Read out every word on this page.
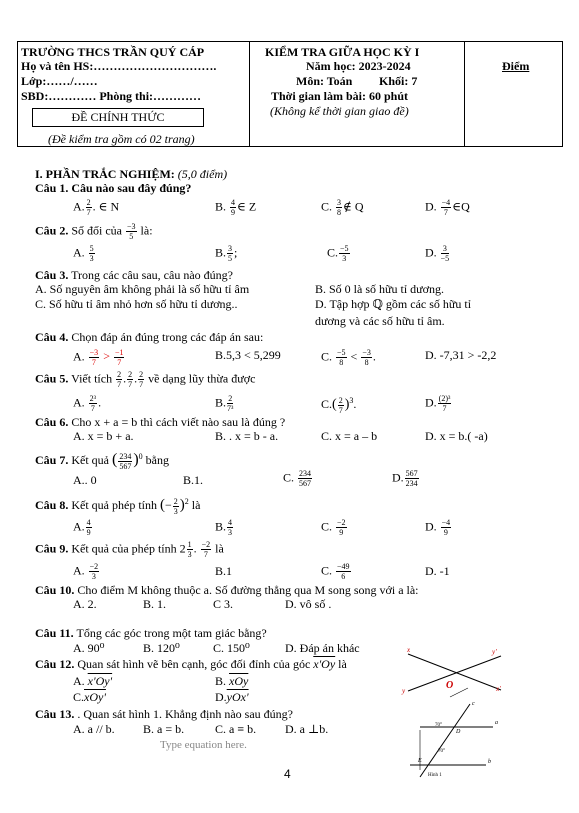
TRƯỜNG THCS TRẦN QUÝ CÁP
Họ và tên HS:………………………….
Lớp:……/……
SBD:………… Phòng thi:…………
ĐỀ CHÍNH THỨC
(Đề kiểm tra gồm có 02 trang)
KIỂM TRA GIỮA HỌC KỲ I
Năm học: 2023-2024
Môn: Toán Khối: 7
Thời gian làm bài: 60 phút
(Không kể thời gian giao đề)
Điểm
I. PHẦN TRẮC NGHIỆM: (5,0 điểm)
Câu 1. Câu nào sau đây đúng?
A. $\frac{2}{7}$ . ∈ N	B. $\frac{4}{9}$ ∈ Z	C. $\frac{3}{8}$ ∉ Q	D. $\frac{-4}{7}$ ∈Q
Câu 2. Số đối của $\frac{-3}{5}$ là:
A. $\frac{5}{3}$	B. $\frac{3}{5}$ ;	C. $\frac{-5}{3}$	D. $\frac{3}{-5}$
Câu 3. Trong các câu sau, câu nào đúng?
A. Số nguyên âm không phải là số hữu tỉ âm	B. Số 0 là số hữu tỉ dương.
C. Số hữu tỉ âm nhỏ hơn số hữu tỉ dương..	D. Tập hợp ℚ gồm các số hữu tỉ
dương và các số hữu tỉ âm.
Câu 4. Chọn đáp án đúng trong các đáp án sau:
A. $\frac{-3}{7} > \frac{-1}{7}$	B.5,3 < 5,299	C. $\frac{-5}{8} < \frac{-3}{8}$ .	D. -7,31 > -2,2
Câu 5. Viết tích $\frac{2}{7}$ . $\frac{2}{7}$ . $\frac{2}{7}$ về dạng lũy thừa được
A. $\frac{\text{2³}}{7}$ .	B. $\frac{2}{\text{7³}}$	$C.( \frac{2}{7} )^3$.	D. $\frac{\text{(2)³}}{7}$
Câu 6. Cho x + a = b thì cách viết nào sau là đúng ?
A. x = b + a.	B. . x = b - a.	C. x = a – b	D. x = b.( -a)
Câu 7. Kết quả ( $\frac{234}{567} )^0$ bằng
A.. 0	B.1.	C. $\frac{234}{567}$	D. $\frac{567}{234}$
Câu 8. Kết quả phép tính (− $\frac{2}{3} )^2$ là
A. $\frac{4}{9}$	B. $\frac{4}{3}$	C. $\frac{-2}{9}$	D. $\frac{-4}{9}$
Câu 9. Kết quả của phép tính $2 \frac{1}{3}$ . $\frac{-2}{7}$ là
A. $\frac{-2}{3}$	B.1	C. $\frac{-49}{6}$	D. -1
Câu 10. Cho điểm M không thuộc a. Số đường thẳng qua M song song với a là:
A. 2.	B. 1.	C 3.	D. vô số .
Câu 11. Tổng các góc trong một tam giác bằng?
A. 90⁰	B. 120⁰	C. 150⁰	D. Đáp án khác
Câu 12. Quan sát hình vẽ bên cạnh, góc đối đỉnh của góc x'Oy là
A. x'Oy'	B. $\overline{xOy}$
C.xOy'	D.yOx'
Câu 13. . Quan sát hình 1. Khẳng định nào sau đúng?
A. a // b. B. a = b.	C. a ≡ b. D. a ⊥b.
Type equation here.
4
x	y'
y	O	x'
c
a
b
70°
D
70°
E
Hình 1
